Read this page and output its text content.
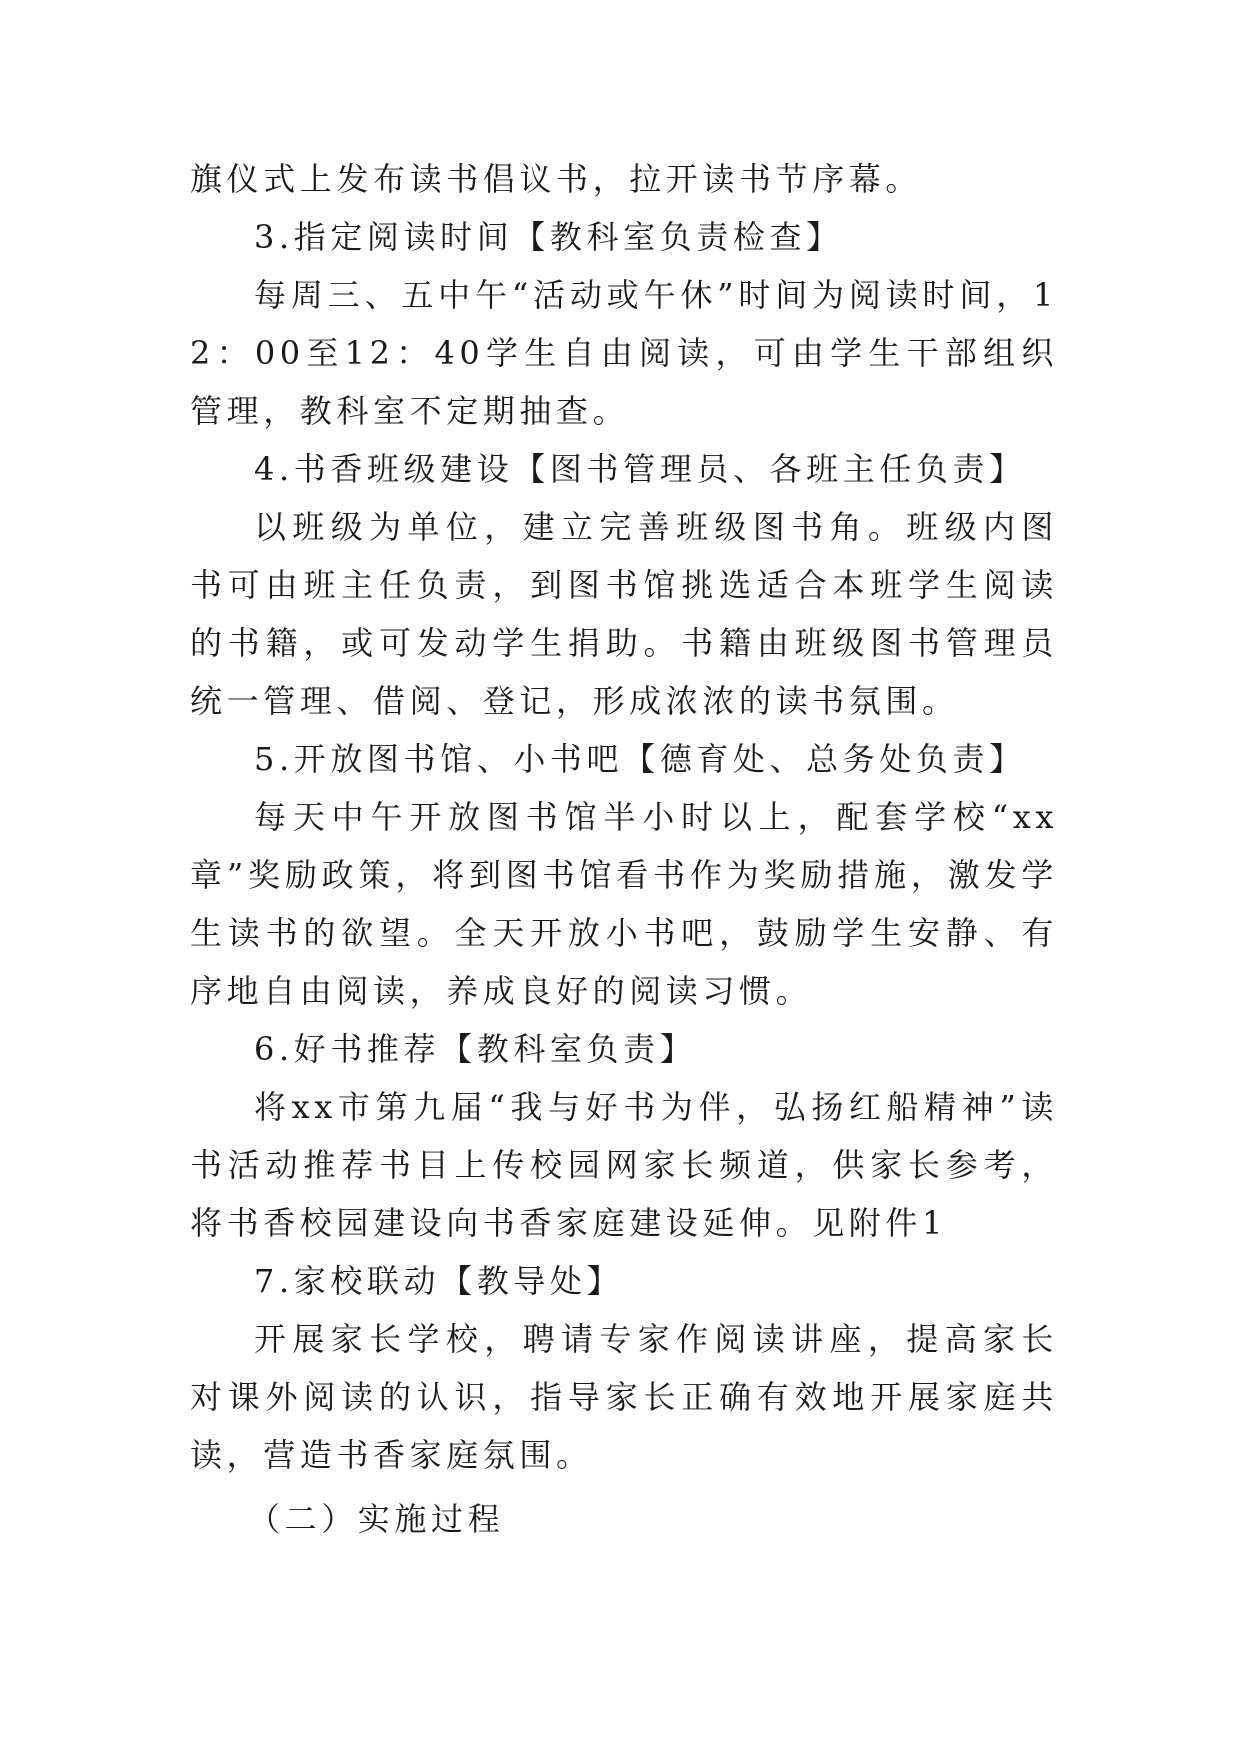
旗仪式上发布读书倡议书，拉开读书节序幕。

3.指定阅读时间【教科室负责检查】

每周三、五中午“活动或午休”时间为阅读时间，12：00至12：40学生自由阅读，可由学生干部组织管理，教科室不定期抽查。

4.书香班级建设【图书管理员、各班主任负责】

以班级为单位，建立完善班级图书角。班级内图书可由班主任负责，到图书馆挑选适合本班学生阅读的书籍，或可发动学生捐助。书籍由班级图书管理员统一管理、借阅、登记，形成浓浓的读书氛围。

5.开放图书馆、小书吧【德育处、总务处负责】

每天中午开放图书馆半小时以上，配套学校“xx章”奖励政策，将到图书馆看书作为奖励措施，激发学生读书的欲望。全天开放小书吧，鼓励学生安静、有序地自由阅读，养成良好的阅读习惯。

6.好书推荐【教科室负责】

将xx市第九届“我与好书为伴，弘扬红船精神”读书活动推荐书目上传校园网家长频道，供家长参考，将书香校园建设向书香家庭建设延伸。见附件1

7.家校联动【教导处】

开展家长学校，聘请专家作阅读讲座，提高家长对课外阅读的认识，指导家长正确有效地开展家庭共读，营造书香家庭氛围。

（二）实施过程
